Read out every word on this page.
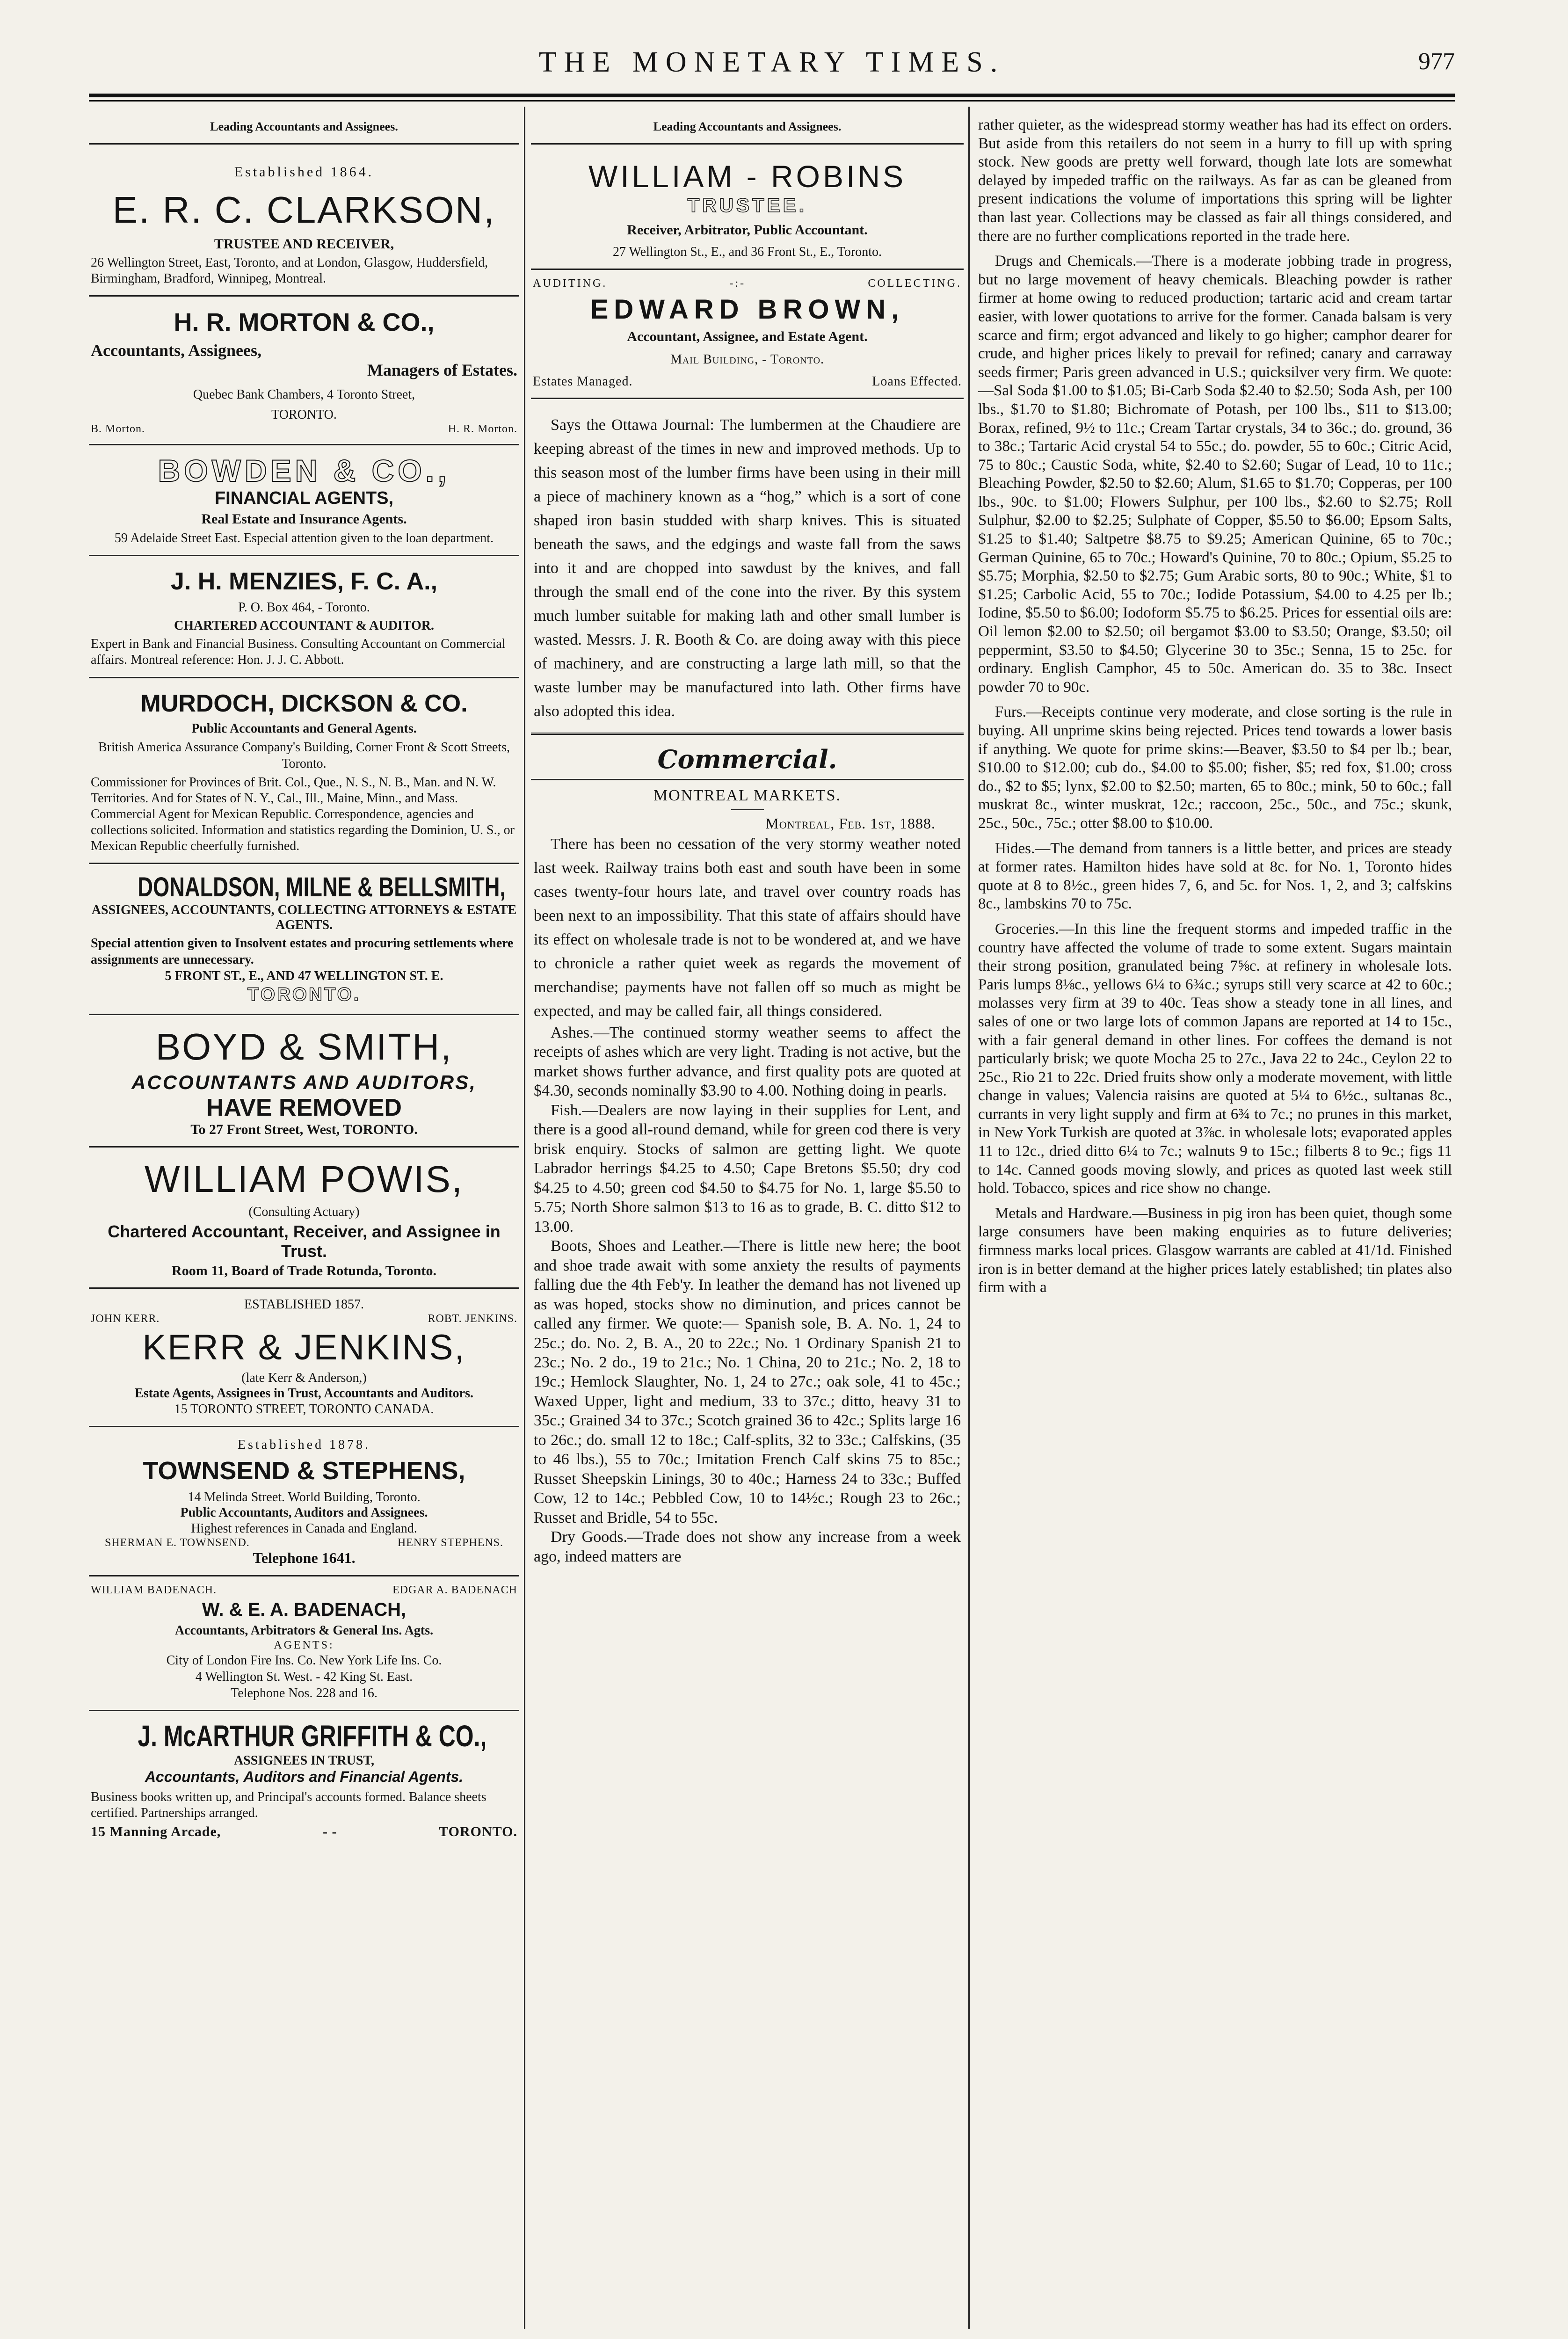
THE MONETARY TIMES.	977
Leading Accountants and Assignees.
Established 1864.
E. R. C. CLARKSON,
TRUSTEE AND RECEIVER,
26 Wellington Street, East, Toronto, and at London, Glasgow, Huddersfield, Birmingham, Bradford, Winnipeg, Montreal.
H. R. MORTON & CO.,
Accountants, Assignees,
Managers of Estates.
Quebec Bank Chambers, 4 Toronto Street,
TORONTO.
B. Morton.	H. R. Morton.
BOWDEN & CO.,
FINANCIAL AGENTS,
Real Estate and Insurance Agents.
59 Adelaide Street East. Especial attention given to the loan department.
J. H. MENZIES, F. C. A.,
P. O. Box 464, - Toronto.
CHARTERED ACCOUNTANT & AUDITOR.
Expert in Bank and Financial Business. Consulting Accountant on Commercial affairs. Montreal reference: Hon. J. J. C. Abbott.
MURDOCH, DICKSON & CO.
Public Accountants and General Agents.
British America Assurance Company's Building, Corner Front & Scott Streets, Toronto.
Commissioner for Provinces of Brit. Col., Que., N. S., N. B., Man. and N. W. Territories. And for States of N. Y., Cal., Ill., Maine, Minn., and Mass. Commercial Agent for Mexican Republic. Correspondence, agencies and collections solicited. Information and statistics regarding the Dominion, U. S., or Mexican Republic cheerfully furnished.
DONALDSON, MILNE & BELLSMITH,
ASSIGNEES, ACCOUNTANTS, COLLECTING ATTORNEYS & ESTATE AGENTS.
Special attention given to Insolvent estates and procuring settlements where assignments are unnecessary.
5 FRONT ST., E., AND 47 WELLINGTON ST. E.
TORONTO.
BOYD & SMITH,
ACCOUNTANTS AND AUDITORS,
HAVE REMOVED
To 27 Front Street, West, TORONTO.
WILLIAM POWIS,
(Consulting Actuary)
Chartered Accountant, Receiver, and Assignee in Trust.
Room 11, Board of Trade Rotunda, Toronto.
ESTABLISHED 1857.
JOHN KERR.	ROBT. JENKINS.
KERR & JENKINS,
(late Kerr & Anderson,)
Estate Agents, Assignees in Trust, Accountants and Auditors.
15 TORONTO STREET, TORONTO CANADA.
Established 1878.
TOWNSEND & STEPHENS,
14 Melinda Street. World Building, Toronto.
Public Accountants, Auditors and Assignees.
Highest references in Canada and England.
SHERMAN E. TOWNSEND.	HENRY STEPHENS.
Telephone 1641.
WILLIAM BADENACH.	EDGAR A. BADENACH
W. & E. A. BADENACH,
Accountants, Arbitrators & General Ins. Agts.
AGENTS:
City of London Fire Ins. Co. New York Life Ins. Co.
4 Wellington St. West. - 42 King St. East.
Telephone Nos. 228 and 16.
J. McARTHUR GRIFFITH & CO.,
ASSIGNEES IN TRUST,
Accountants, Auditors and Financial Agents.
Business books written up, and Principal's accounts formed. Balance sheets certified. Partnerships arranged.
15 Manning Arcade,	- -	TORONTO.
Leading Accountants and Assignees.
WILLIAM - ROBINS
TRUSTEE.
Receiver, Arbitrator, Public Accountant.
27 Wellington St., E., and 36 Front St., E., Toronto.
AUDITING.	-:-	COLLECTING.
EDWARD BROWN,
Accountant, Assignee, and Estate Agent.
Mail Building, - Toronto.
Estates Managed.	Loans Effected.

Says the Ottawa Journal: The lumbermen at the Chaudiere are keeping abreast of the times in new and improved methods. Up to this season most of the lumber firms have been using in their mill a piece of machinery known as a “hog,” which is a sort of cone shaped iron basin studded with sharp knives. This is situated beneath the saws, and the edgings and waste fall from the saws into it and are chopped into sawdust by the knives, and fall through the small end of the cone into the river. By this system much lumber suitable for making lath and other small lumber is wasted. Messrs. J. R. Booth & Co. are doing away with this piece of machinery, and are constructing a large lath mill, so that the waste lumber may be manufactured into lath. Other firms have also adopted this idea.

Commercial.
MONTREAL MARKETS.
Montreal, Feb. 1st, 1888.

There has been no cessation of the very stormy weather noted last week. Railway trains both east and south have been in some cases twenty-four hours late, and travel over country roads has been next to an impossibility. That this state of affairs should have its effect on wholesale trade is not to be wondered at, and we have to chronicle a rather quiet week as regards the movement of merchandise; payments have not fallen off so much as might be expected, and may be called fair, all things considered.

Ashes.—The continued stormy weather seems to affect the receipts of ashes which are very light. Trading is not active, but the market shows further advance, and first quality pots are quoted at $4.30, seconds nominally $3.90 to 4.00. Nothing doing in pearls.

Fish.—Dealers are now laying in their supplies for Lent, and there is a good all-round demand, while for green cod there is very brisk enquiry. Stocks of salmon are getting light. We quote Labrador herrings $4.25 to 4.50; Cape Bretons $5.50; dry cod $4.25 to 4.50; green cod $4.50 to $4.75 for No. 1, large $5.50 to 5.75; North Shore salmon $13 to 16 as to grade, B. C. ditto $12 to 13.00.

Boots, Shoes and Leather.—There is little new here; the boot and shoe trade await with some anxiety the results of payments falling due the 4th Feb'y. In leather the demand has not livened up as was hoped, stocks show no diminution, and prices cannot be called any firmer. We quote:— Spanish sole, B. A. No. 1, 24 to 25c.; do. No. 2, B. A., 20 to 22c.; No. 1 Ordinary Spanish 21 to 23c.; No. 2 do., 19 to 21c.; No. 1 China, 20 to 21c.; No. 2, 18 to 19c.; Hemlock Slaughter, No. 1, 24 to 27c.; oak sole, 41 to 45c.; Waxed Upper, light and medium, 33 to 37c.; ditto, heavy 31 to 35c.; Grained 34 to 37c.; Scotch grained 36 to 42c.; Splits large 16 to 26c.; do. small 12 to 18c.; Calf-splits, 32 to 33c.; Calfskins, (35 to 46 lbs.), 55 to 70c.; Imitation French Calf skins 75 to 85c.; Russet Sheepskin Linings, 30 to 40c.; Harness 24 to 33c.; Buffed Cow, 12 to 14c.; Pebbled Cow, 10 to 14½c.; Rough 23 to 26c.; Russet and Bridle, 54 to 55c.

Dry Goods.—Trade does not show any increase from a week ago, indeed matters are

rather quieter, as the widespread stormy weather has had its effect on orders. But aside from this retailers do not seem in a hurry to fill up with spring stock. New goods are pretty well forward, though late lots are somewhat delayed by impeded traffic on the railways. As far as can be gleaned from present indications the volume of importations this spring will be lighter than last year. Collections may be classed as fair all things considered, and there are no further complications reported in the trade here.

Drugs and Chemicals.—There is a moderate jobbing trade in progress, but no large movement of heavy chemicals. Bleaching powder is rather firmer at home owing to reduced production; tartaric acid and cream tartar easier, with lower quotations to arrive for the former. Canada balsam is very scarce and firm; ergot advanced and likely to go higher; camphor dearer for crude, and higher prices likely to prevail for refined; canary and carraway seeds firmer; Paris green advanced in U.S.; quicksilver very firm. We quote:—Sal Soda $1.00 to $1.05; Bi-Carb Soda $2.40 to $2.50; Soda Ash, per 100 lbs., $1.70 to $1.80; Bichromate of Potash, per 100 lbs., $11 to $13.00; Borax, refined, 9½ to 11c.; Cream Tartar crystals, 34 to 36c.; do. ground, 36 to 38c.; Tartaric Acid crystal 54 to 55c.; do. powder, 55 to 60c.; Citric Acid, 75 to 80c.; Caustic Soda, white, $2.40 to $2.60; Sugar of Lead, 10 to 11c.; Bleaching Powder, $2.50 to $2.60; Alum, $1.65 to $1.70; Copperas, per 100 lbs., 90c. to $1.00; Flowers Sulphur, per 100 lbs., $2.60 to $2.75; Roll Sulphur, $2.00 to $2.25; Sulphate of Copper, $5.50 to $6.00; Epsom Salts, $1.25 to $1.40; Saltpetre $8.75 to $9.25; American Quinine, 65 to 70c.; German Quinine, 65 to 70c.; Howard's Quinine, 70 to 80c.; Opium, $5.25 to $5.75; Morphia, $2.50 to $2.75; Gum Arabic sorts, 80 to 90c.; White, $1 to $1.25; Carbolic Acid, 55 to 70c.; Iodide Potassium, $4.00 to 4.25 per lb.; Iodine, $5.50 to $6.00; Iodoform $5.75 to $6.25. Prices for essential oils are: Oil lemon $2.00 to $2.50; oil bergamot $3.00 to $3.50; Orange, $3.50; oil peppermint, $3.50 to $4.50; Glycerine 30 to 35c.; Senna, 15 to 25c. for ordinary. English Camphor, 45 to 50c. American do. 35 to 38c. Insect powder 70 to 90c.

Furs.—Receipts continue very moderate, and close sorting is the rule in buying. All unprime skins being rejected. Prices tend towards a lower basis if anything. We quote for prime skins:—Beaver, $3.50 to $4 per lb.; bear, $10.00 to $12.00; cub do., $4.00 to $5.00; fisher, $5; red fox, $1.00; cross do., $2 to $5; lynx, $2.00 to $2.50; marten, 65 to 80c.; mink, 50 to 60c.; fall muskrat 8c., winter muskrat, 12c.; raccoon, 25c., 50c., and 75c.; skunk, 25c., 50c., 75c.; otter $8.00 to $10.00.

Hides.—The demand from tanners is a little better, and prices are steady at former rates. Hamilton hides have sold at 8c. for No. 1, Toronto hides quote at 8 to 8½c., green hides 7, 6, and 5c. for Nos. 1, 2, and 3; calfskins 8c., lambskins 70 to 75c.

Groceries.—In this line the frequent storms and impeded traffic in the country have affected the volume of trade to some extent. Sugars maintain their strong position, granulated being 7⅝c. at refinery in wholesale lots. Paris lumps 8⅛c., yellows 6¼ to 6¾c.; syrups still very scarce at 42 to 60c.; molasses very firm at 39 to 40c. Teas show a steady tone in all lines, and sales of one or two large lots of common Japans are reported at 14 to 15c., with a fair general demand in other lines. For coffees the demand is not particularly brisk; we quote Mocha 25 to 27c., Java 22 to 24c., Ceylon 22 to 25c., Rio 21 to 22c. Dried fruits show only a moderate movement, with little change in values; Valencia raisins are quoted at 5¼ to 6½c., sultanas 8c., currants in very light supply and firm at 6¾ to 7c.; no prunes in this market, in New York Turkish are quoted at 3⅞c. in wholesale lots; evaporated apples 11 to 12c., dried ditto 6¼ to 7c.; walnuts 9 to 15c.; filberts 8 to 9c.; figs 11 to 14c. Canned goods moving slowly, and prices as quoted last week still hold. Tobacco, spices and rice show no change.

Metals and Hardware.—Business in pig iron has been quiet, though some large consumers have been making enquiries as to future deliveries; firmness marks local prices. Glasgow warrants are cabled at 41/1d. Finished iron is in better demand at the higher prices lately established; tin plates also firm with a
